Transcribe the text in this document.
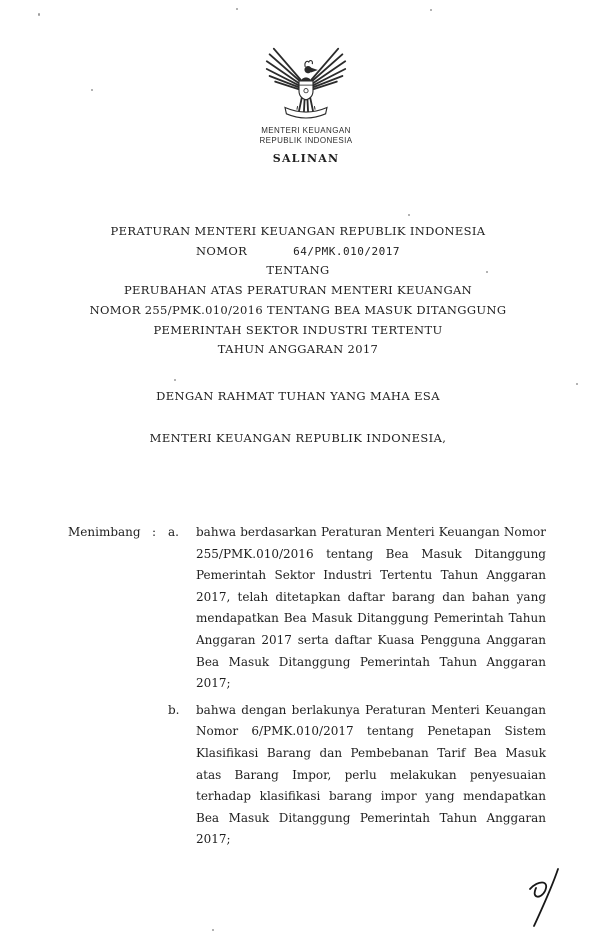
MENTERI KEUANGAN
REPUBLIK INDONESIA
SALINAN
PERATURAN MENTERI KEUANGAN REPUBLIK INDONESIA
NOMOR	64/PMK.010/2017
TENTANG
PERUBAHAN ATAS PERATURAN MENTERI KEUANGAN
NOMOR 255/PMK.010/2016 TENTANG BEA MASUK DITANGGUNG
PEMERINTAH SEKTOR INDUSTRI TERTENTU
TAHUN ANGGARAN 2017
DENGAN RAHMAT TUHAN YANG MAHA ESA
MENTERI KEUANGAN REPUBLIK INDONESIA,
Menimbang : a.	bahwa berdasarkan Peraturan Menteri Keuangan Nomor 255/PMK.010/2016 tentang Bea Masuk Ditanggung Pemerintah Sektor Industri Tertentu Tahun Anggaran 2017, telah ditetapkan daftar barang dan bahan yang mendapatkan Bea Masuk Ditanggung Pemerintah Tahun Anggaran 2017 serta daftar Kuasa Pengguna Anggaran Bea Masuk Ditanggung Pemerintah Tahun Anggaran 2017;
b.	bahwa dengan berlakunya Peraturan Menteri Keuangan Nomor 6/PMK.010/2017 tentang Penetapan Sistem Klasifikasi Barang dan Pembebanan Tarif Bea Masuk atas Barang Impor, perlu melakukan penyesuaian terhadap klasifikasi barang impor yang mendapatkan Bea Masuk Ditanggung Pemerintah Tahun Anggaran 2017;
